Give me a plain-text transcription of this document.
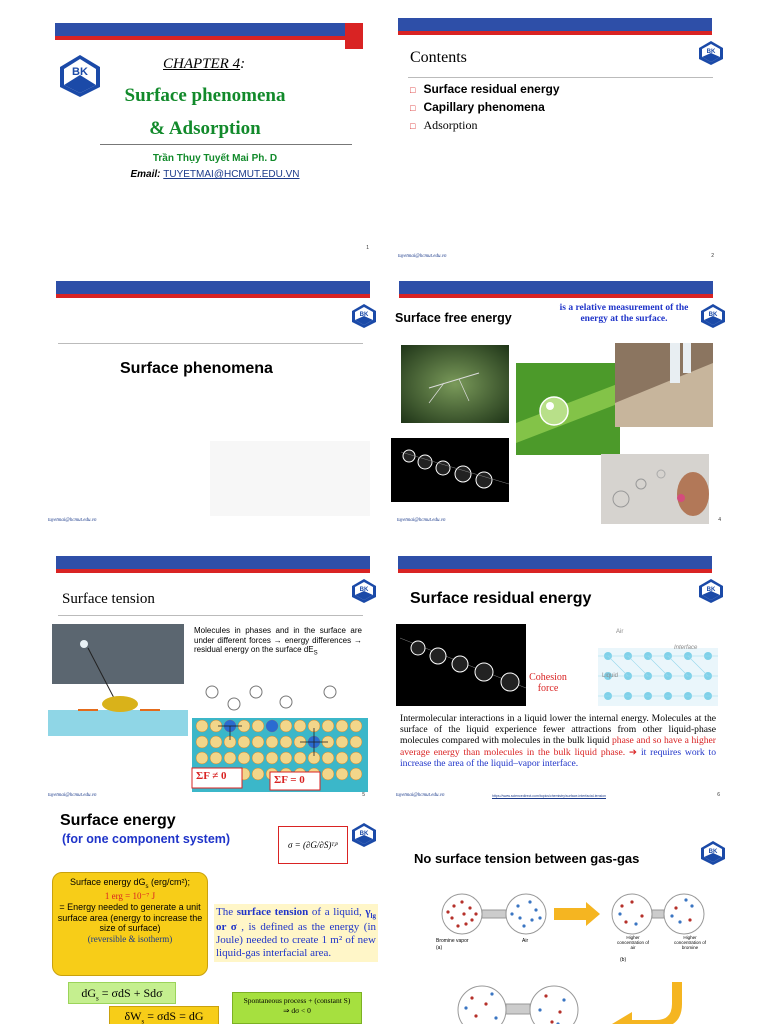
BK	CHAPTER 4:
Surface phenomena
& Adsorption
Trần Thụy Tuyết Mai Ph. D
Email: TUYETMAI@HCMUT.EDU.VN
1
BK
Contents
□ Surface residual energy
□ Capillary phenomena
□ Adsorption
tuyetmai@hcmut.edu.vn	2
BK
Surface phenomena
tuyetmai@hcmut.edu.vn
BK
Surface free energy
is a relative measurement of the energy at the surface.
tuyetmai@hcmut.edu.vn	4
BK
Surface tension
Molecules in phases and in the surface are under different forces → energy differences → residual energy on the surface $dE_S$
ΣF ≠ 0	ΣF = 0
tuyetmai@hcmut.edu.vn	5
BK
Surface residual energy
Cohesion force
Air
Interface
Liquid
Intermolecular interactions in a liquid lower the internal energy. Molecules at the surface of the liquid experience fewer attractions from other liquid-phase molecules compared with molecules in the bulk liquid phase and so have a higher average energy than molecules in the bulk liquid phase. ➔ it requires work to increase the area of the liquid–vapor interface.
tuyetmai@hcmut.edu.vn	https://www.sciencedirect.com/topics/chemistry/surface-interfacial-tension	6
Surface energy
(for one component system)	σ = (∂G/∂S) T,P
BK
Surface energy $dG_s$ (erg/cm²);
1 erg = 10⁻⁷ J
= Energy needed to generate a unit surface area (energy to increase the size of surface)
(reversible & isotherm)
The surface tension of a liquid, $\gamma_{lg}$ or σ , is defined as the energy (in Joule) needed to create 1 m² of new liquid-gas interfacial area.
$dG_s = \sigma dS + Sd\sigma$
$\delta W_s = \sigma dS$ = dG
Spontaneous process + (constant S)
⇒ dσ < 0
No surface tension between gas-gas	BK
Bromine vapor
(a)
Air
Higher concentration of air
(b)
Higher concentration of bromine
